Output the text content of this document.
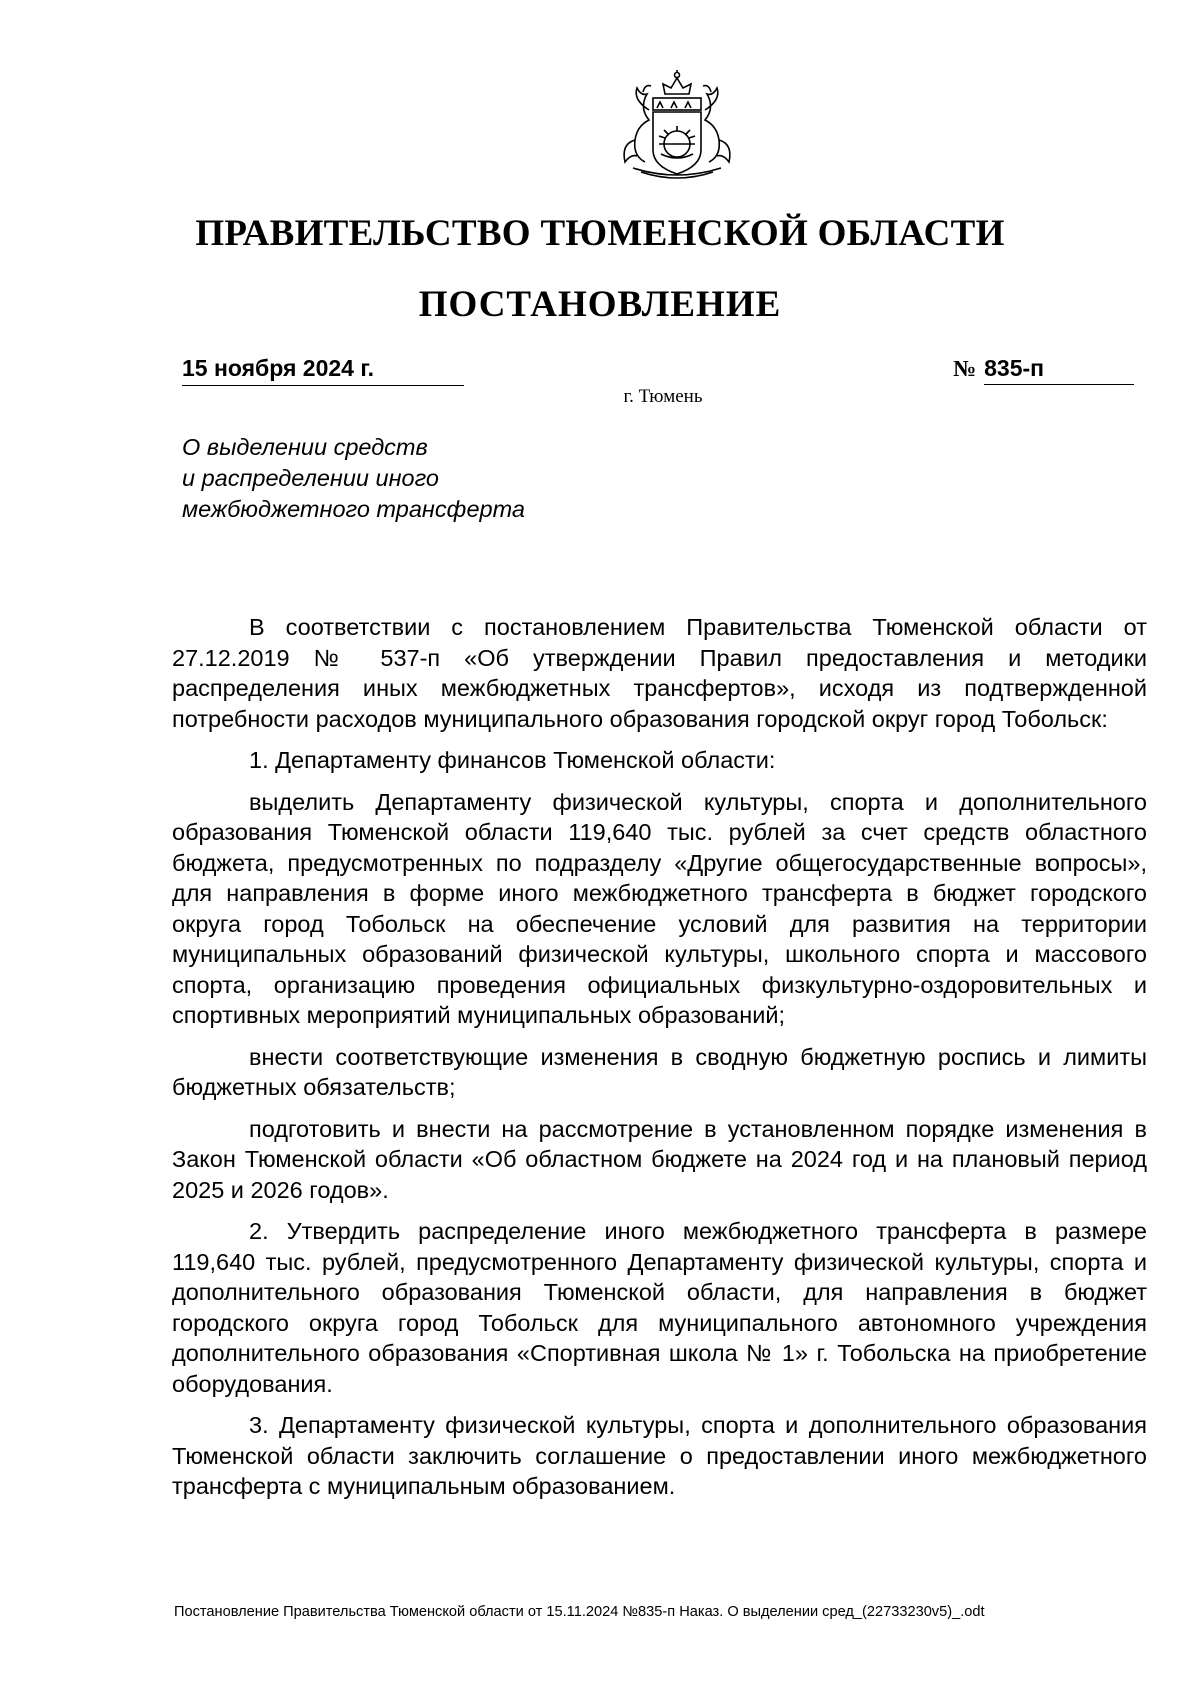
ПРАВИТЕЛЬСТВО ТЮМЕНСКОЙ ОБЛАСТИ
ПОСТАНОВЛЕНИЕ
15 ноября 2024 г.	№ 835-п
г. Тюмень
О выделении средств
и распределении иного
межбюджетного трансферта

В соответствии с постановлением Правительства Тюменской области от 27.12.2019 № 537-п «Об утверждении Правил предоставления и методики распределения иных межбюджетных трансфертов», исходя из подтвержденной потребности расходов муниципального образования городской округ город Тобольск:

1. Департаменту финансов Тюменской области:

выделить Департаменту физической культуры, спорта и дополнительного образования Тюменской области 119,640 тыс. рублей за счет средств областного бюджета, предусмотренных по подразделу «Другие общегосударственные вопросы», для направления в форме иного межбюджетного трансферта в бюджет городского округа город Тобольск на обеспечение условий для развития на территории муниципальных образований физической культуры, школьного спорта и массового спорта, организацию проведения официальных физкультурно-оздоровительных и спортивных мероприятий муниципальных образований;

внести соответствующие изменения в сводную бюджетную роспись и лимиты бюджетных обязательств;

подготовить и внести на рассмотрение в установленном порядке изменения в Закон Тюменской области «Об областном бюджете на 2024 год и на плановый период 2025 и 2026 годов».

2. Утвердить распределение иного межбюджетного трансферта в размере 119,640 тыс. рублей, предусмотренного Департаменту физической культуры, спорта и дополнительного образования Тюменской области, для направления в бюджет городского округа город Тобольск для муниципального автономного учреждения дополнительного образования «Спортивная школа № 1» г. Тобольска на приобретение оборудования.

3. Департаменту физической культуры, спорта и дополнительного образования Тюменской области заключить соглашение о предоставлении иного межбюджетного трансферта с муниципальным образованием.

Постановление Правительства Тюменской области от 15.11.2024 №835-п Наказ. О выделении сред_(22733230v5)_.odt
